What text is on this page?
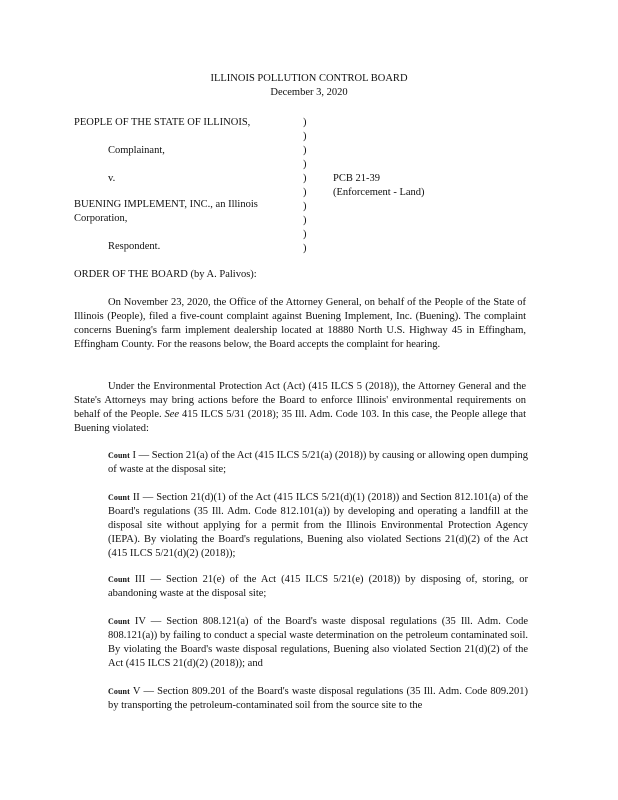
ILLINOIS POLLUTION CONTROL BOARD
December 3, 2020
PEOPLE OF THE STATE OF ILLINOIS,
Complainant,
v.
BUENING IMPLEMENT, INC., an Illinois
Corporation,
Respondent.
)
)
)
)
)
)
)
)
)
)
PCB 21-39
(Enforcement - Land)
ORDER OF THE BOARD (by A. Palivos):
On November 23, 2020, the Office of the Attorney General, on behalf of the People of the State of Illinois (People), filed a five-count complaint against Buening Implement, Inc. (Buening). The complaint concerns Buening's farm implement dealership located at 18880 North U.S. Highway 45 in Effingham, Effingham County. For the reasons below, the Board accepts the complaint for hearing.
Under the Environmental Protection Act (Act) (415 ILCS 5 (2018)), the Attorney General and the State's Attorneys may bring actions before the Board to enforce Illinois' environmental requirements on behalf of the People. See 415 ILCS 5/31 (2018); 35 Ill. Adm. Code 103. In this case, the People allege that Buening violated:
Count I — Section 21(a) of the Act (415 ILCS 5/21(a) (2018)) by causing or allowing open dumping of waste at the disposal site;
Count II — Section 21(d)(1) of the Act (415 ILCS 5/21(d)(1) (2018)) and Section 812.101(a) of the Board's regulations (35 Ill. Adm. Code 812.101(a)) by developing and operating a landfill at the disposal site without applying for a permit from the Illinois Environmental Protection Agency (IEPA). By violating the Board's regulations, Buening also violated Sections 21(d)(2) of the Act (415 ILCS 5/21(d)(2) (2018));
Count III — Section 21(e) of the Act (415 ILCS 5/21(e) (2018)) by disposing of, storing, or abandoning waste at the disposal site;
Count IV — Section 808.121(a) of the Board's waste disposal regulations (35 Ill. Adm. Code 808.121(a)) by failing to conduct a special waste determination on the petroleum contaminated soil. By violating the Board's waste disposal regulations, Buening also violated Section 21(d)(2) of the Act (415 ILCS 21(d)(2) (2018)); and
Count V — Section 809.201 of the Board's waste disposal regulations (35 Ill. Adm. Code 809.201) by transporting the petroleum-contaminated soil from the source site to the
